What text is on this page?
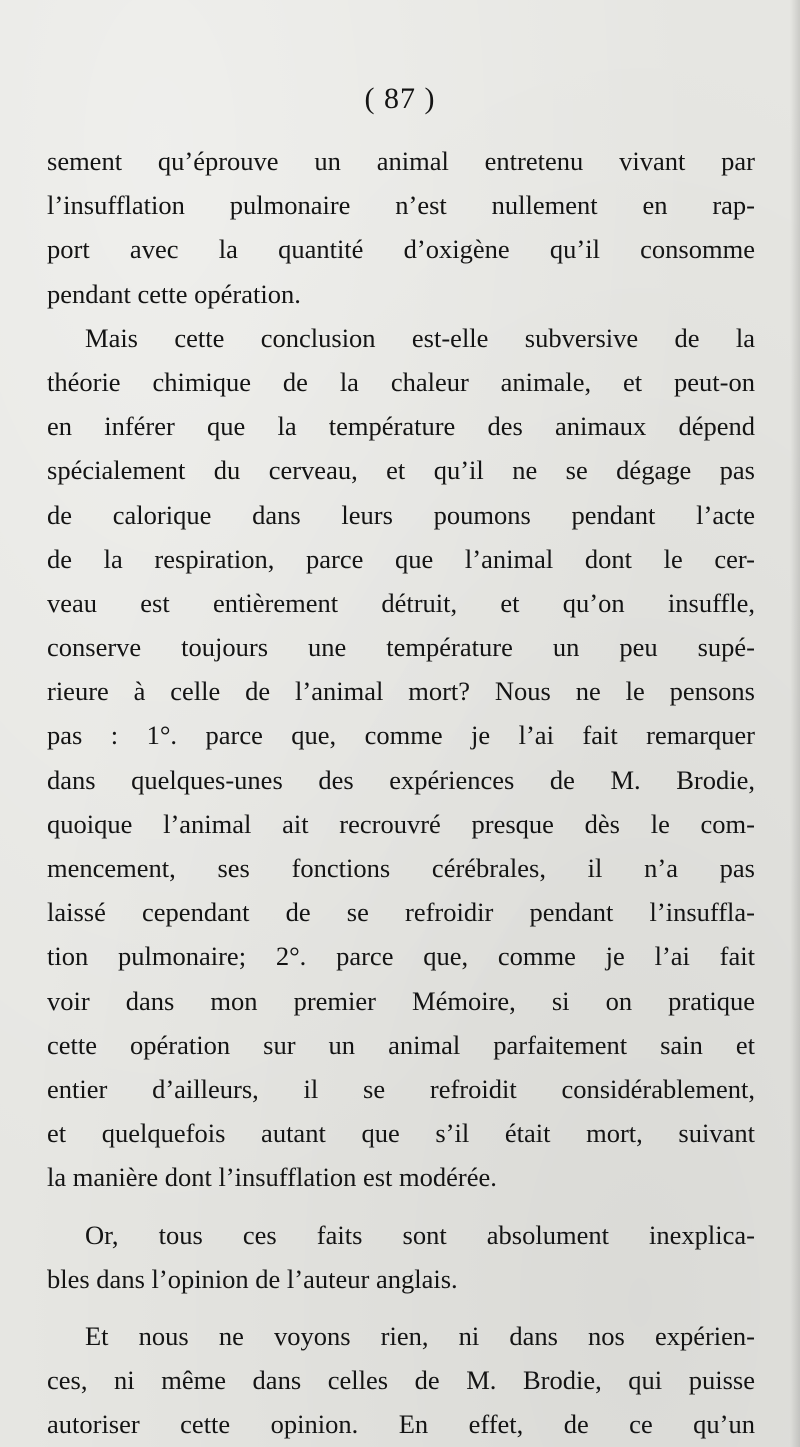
( 87 )
sement qu’éprouve un animal entretenu vivant par
l’insufflation pulmonaire n’est nullement en rap-
port avec la quantité d’oxigène qu’il consomme
pendant cette opération.
Mais cette conclusion est-elle subversive de la
théorie chimique de la chaleur animale, et peut-on
en inférer que la température des animaux dépend
spécialement du cerveau, et qu’il ne se dégage pas
de calorique dans leurs poumons pendant l’acte
de la respiration, parce que l’animal dont le cer-
veau est entièrement détruit, et qu’on insuffle,
conserve toujours une température un peu supé-
rieure à celle de l’animal mort? Nous ne le pensons
pas : 1°. parce que, comme je l’ai fait remarquer
dans quelques-unes des expériences de M. Brodie,
quoique l’animal ait recrouvré presque dès le com-
mencement, ses fonctions cérébrales, il n’a pas
laissé cependant de se refroidir pendant l’insuffla-
tion pulmonaire; 2°. parce que, comme je l’ai fait
voir dans mon premier Mémoire, si on pratique
cette opération sur un animal parfaitement sain et
entier d’ailleurs, il se refroidit considérablement,
et quelquefois autant que s’il était mort, suivant
la manière dont l’insufflation est modérée.
Or, tous ces faits sont absolument inexplica-
bles dans l’opinion de l’auteur anglais.
Et nous ne voyons rien, ni dans nos expérien-
ces, ni même dans celles de M. Brodie, qui puisse
autoriser cette opinion. En effet, de ce qu’un
